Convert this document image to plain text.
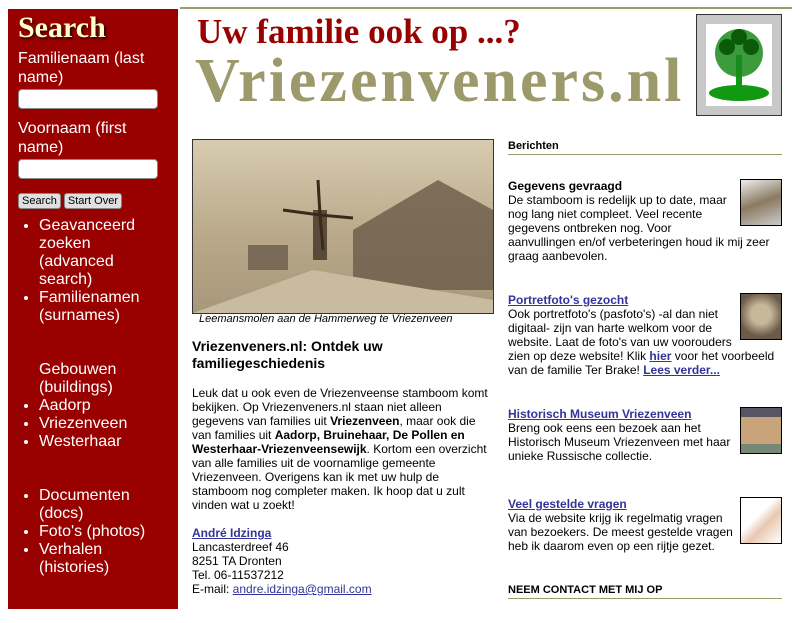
Search
Familienaam (last name)
Voornaam (first name)
Search	Start Over
• Geavanceerd zoeken (advanced search)
• Familienamen (surnames)
Gebouwen (buildings)
• Aadorp
• Vriezenveen
• Westerhaar
• Documenten (docs)
• Foto's (photos)
• Verhalen (histories)
Uw familie ook op ...?
Vriezenveners.nl
Leemansmolen aan de Hammerweg te Vriezenveen
Vriezenveners.nl: Ontdek uw familiegeschiedenis

Leuk dat u ook even de Vriezenveense stamboom komt bekijken. Op Vriezenveners.nl staan niet alleen gegevens van families uit Vriezenveen, maar ook die van families uit Aadorp, Bruinehaar, De Pollen en Westerhaar-Vriezenveensewijk. Kortom een overzicht van alle families uit de voornamlige gemeente Vriezenveen. Overigens kan ik met uw hulp de stamboom nog completer maken. Ik hoop dat u zult vinden wat u zoekt!

André Idzinga
Lancasterdreef 46
8251 TA Dronten
Tel. 06-11537212
E-mail: andre.idzinga@gmail.com
Berichten
Gegevens gevraagd
De stamboom is redelijk up to date, maar nog lang niet compleet. Veel recente gegevens ontbreken nog. Voor aanvullingen en/of verbeteringen houd ik mij zeer graag aanbevolen.
Portretfoto's gezocht
Ook portretfoto's (pasfoto's) -al dan niet digitaal- zijn van harte welkom voor de website. Laat de foto's van uw voorouders zien op deze website! Klik hier voor het voorbeeld van de familie Ter Brake! Lees verder...
Historisch Museum Vriezenveen
Breng ook eens een bezoek aan het Historisch Museum Vriezenveen met haar unieke Russische collectie.
Veel gestelde vragen
Via de website krijg ik regelmatig vragen van bezoekers. De meest gestelde vragen heb ik daarom even op een rijtje gezet.
NEEM CONTACT MET MIJ OP
